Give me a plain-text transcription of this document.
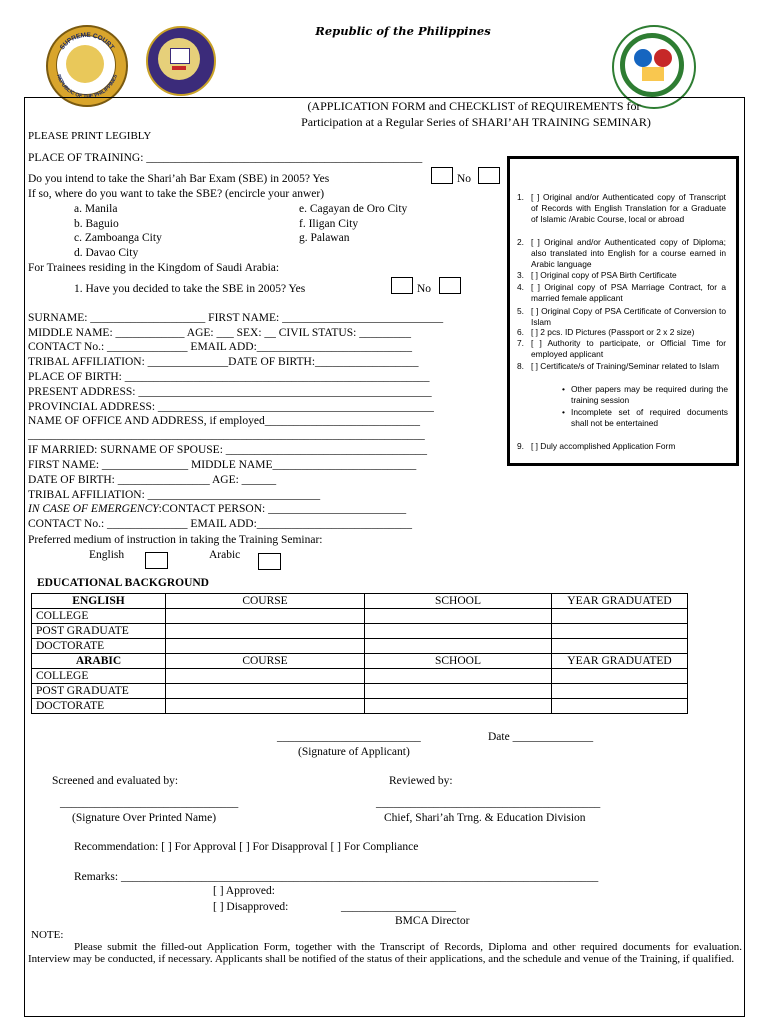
SUPREME COURT
REPUBLIC OF THE PHILIPPINES
Republic of the Philippines
(APPLICATION FORM and CHECKLIST of REQUIREMENTS for
Participation at a Regular Series of SHARI’AH TRAINING SEMINAR)
PLEASE PRINT LEGIBLY
PLACE OF TRAINING: ________________________________________________
Do you intend to take the Shari’ah Bar Exam (SBE) in 2005? Yes	No
If so, where do you want to take the SBE? (encircle your anwer)
a. Manila
b. Baguio
c. Zamboanga City
d. Davao City
e. Cagayan de Oro City
f. Iligan City
g. Palawan
For Trainees residing in the Kingdom of Saudi Arabia:
1. Have you decided to take the SBE in 2005? Yes	No
SURNAME: ____________________ FIRST NAME: ____________________________
MIDDLE NAME: ____________ AGE: ___ SEX: __ CIVIL STATUS: _________
CONTACT No.: ______________ EMAIL ADD:___________________________
TRIBAL AFFILIATION: ______________DATE OF BIRTH:__________________
PLACE OF BIRTH: _____________________________________________________
PRESENT ADDRESS: ___________________________________________________
PROVINCIAL ADDRESS: ________________________________________________
NAME OF OFFICE AND ADDRESS, if employed___________________________
_____________________________________________________________________
IF MARRIED: SURNAME OF SPOUSE: ___________________________________
FIRST NAME: _______________ MIDDLE NAME_________________________
DATE OF BIRTH: ________________ AGE: ______
TRIBAL AFFILIATION: ______________________________
IN CASE OF EMERGENCY:CONTACT PERSON: ________________________
CONTACT No.: ______________ EMAIL ADD:___________________________
Preferred medium of instruction in taking the Training Seminar:
English	Arabic
1. [ ] Original and/or Authenticated copy of Transcript of Records with English Translation for a Graduate of Islamic /Arabic Course, local or abroad
2. [ ] Original and/or Authenticated copy of Diploma; also translated into English for a course earned in Arabic language
3. [ ] Original copy of PSA Birth Certificate
4. [ ] Original copy of PSA Marriage Contract, for a married female applicant
5. [ ] Original Copy of PSA Certificate of Conversion to Islam
6. [ ] 2 pcs. ID Pictures (Passport or 2 x 2 size)
7. [ ] Authority to participate, or Official Time for employed applicant
8. [ ] Certificate/s of Training/Seminar related to Islam
• Other papers may be required during the training session
• Incomplete set of required documents shall not be entertained
9. [ ] Duly accomplished Application Form
EDUCATIONAL BACKGROUND
ENGLISH	COURSE	SCHOOL	YEAR GRADUATED
COLLEGE			
POST GRADUATE			
DOCTORATE			
ARABIC	COURSE	SCHOOL	YEAR GRADUATED
COLLEGE			
POST GRADUATE			
DOCTORATE			
_________________________	Date ______________
(Signature of Applicant)
Screened and evaluated by:	Reviewed by:
_______________________________	_______________________________________
(Signature Over Printed Name)	Chief, Shari’ah Trng. & Education Division
Recommendation: [ ] For Approval [ ] For Disapproval [ ] For Compliance
Remarks: ___________________________________________________________________________________
[ ] Approved:
[ ] Disapproved:	____________________
BMCA Director
NOTE:
Please submit the filled-out Application Form, together with the Transcript of Records, Diploma and other required documents for evaluation. Interview may be conducted, if necessary. Applicants shall be notified of the status of their applications, and the schedule and venue of the Training, if qualified.
